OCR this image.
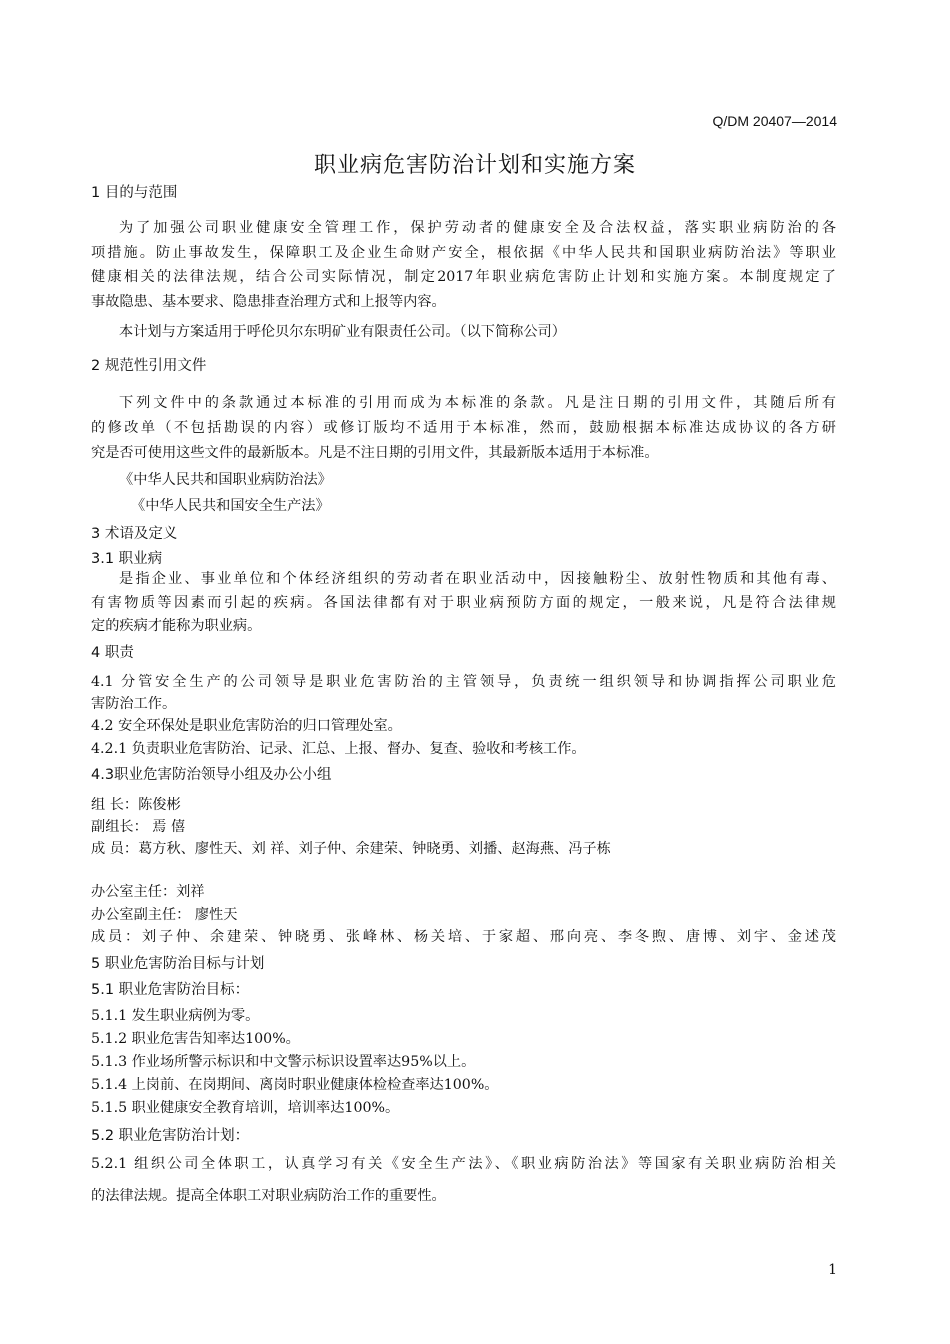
Q/DM 20407—2014
职业病危害防治计划和实施方案
1 目的与范围
为了加强公司职业健康安全管理工作，保护劳动者的健康安全及合法权益，落实职业病防治的各
项措施。防止事故发生，保障职工及企业生命财产安全，根依据《中华人民共和国职业病防治法》等职业
健康相关的法律法规，结合公司实际情况，制定2017年职业病危害防止计划和实施方案。本制度规定了
事故隐患、基本要求、隐患排查治理方式和上报等内容。
本计划与方案适用于呼伦贝尔东明矿业有限责任公司。（以下简称公司）
2 规范性引用文件
下列文件中的条款通过本标准的引用而成为本标准的条款。凡是注日期的引用文件，其随后所有
的修改单（不包括勘误的内容）或修订版均不适用于本标准，然而，鼓励根据本标准达成协议的各方研
究是否可使用这些文件的最新版本。凡是不注日期的引用文件，其最新版本适用于本标准。
《中华人民共和国职业病防治法》
《中华人民共和国安全生产法》
3 术语及定义
3.1 职业病
是指企业、事业单位和个体经济组织的劳动者在职业活动中，因接触粉尘、放射性物质和其他有毒、
有害物质等因素而引起的疾病。各国法律都有对于职业病预防方面的规定，一般来说，凡是符合法律规
定的疾病才能称为职业病。
4 职责
4.1 分管安全生产的公司领导是职业危害防治的主管领导，负责统一组织领导和协调指挥公司职业危
害防治工作。
4.2 安全环保处是职业危害防治的归口管理处室。
4.2.1 负责职业危害防治、记录、汇总、上报、督办、复查、验收和考核工作。
4.3职业危害防治领导小组及办公小组
组 长：陈俊彬
副组长： 焉 僖
成 员：葛方秋、廖性天、刘 祥、刘子仲、余建荣、钟晓勇、刘播、赵海燕、冯子栋
办公室主任：刘祥
办公室副主任： 廖性天
成员：刘子仲、余建荣、钟晓勇、张峰林、杨关培、于家超、邢向亮、李冬煦、唐博、刘宇、金述茂
5 职业危害防治目标与计划
5.1 职业危害防治目标：
5.1.1 发生职业病例为零。
5.1.2 职业危害告知率达100%。
5.1.3 作业场所警示标识和中文警示标识设置率达95%以上。
5.1.4 上岗前、在岗期间、离岗时职业健康体检检查率达100%。
5.1.5 职业健康安全教育培训，培训率达100%。
5.2 职业危害防治计划：
5.2.1 组织公司全体职工，认真学习有关《安全生产法》、《职业病防治法》等国家有关职业病防治相关
的法律法规。提高全体职工对职业病防治工作的重要性。
1
